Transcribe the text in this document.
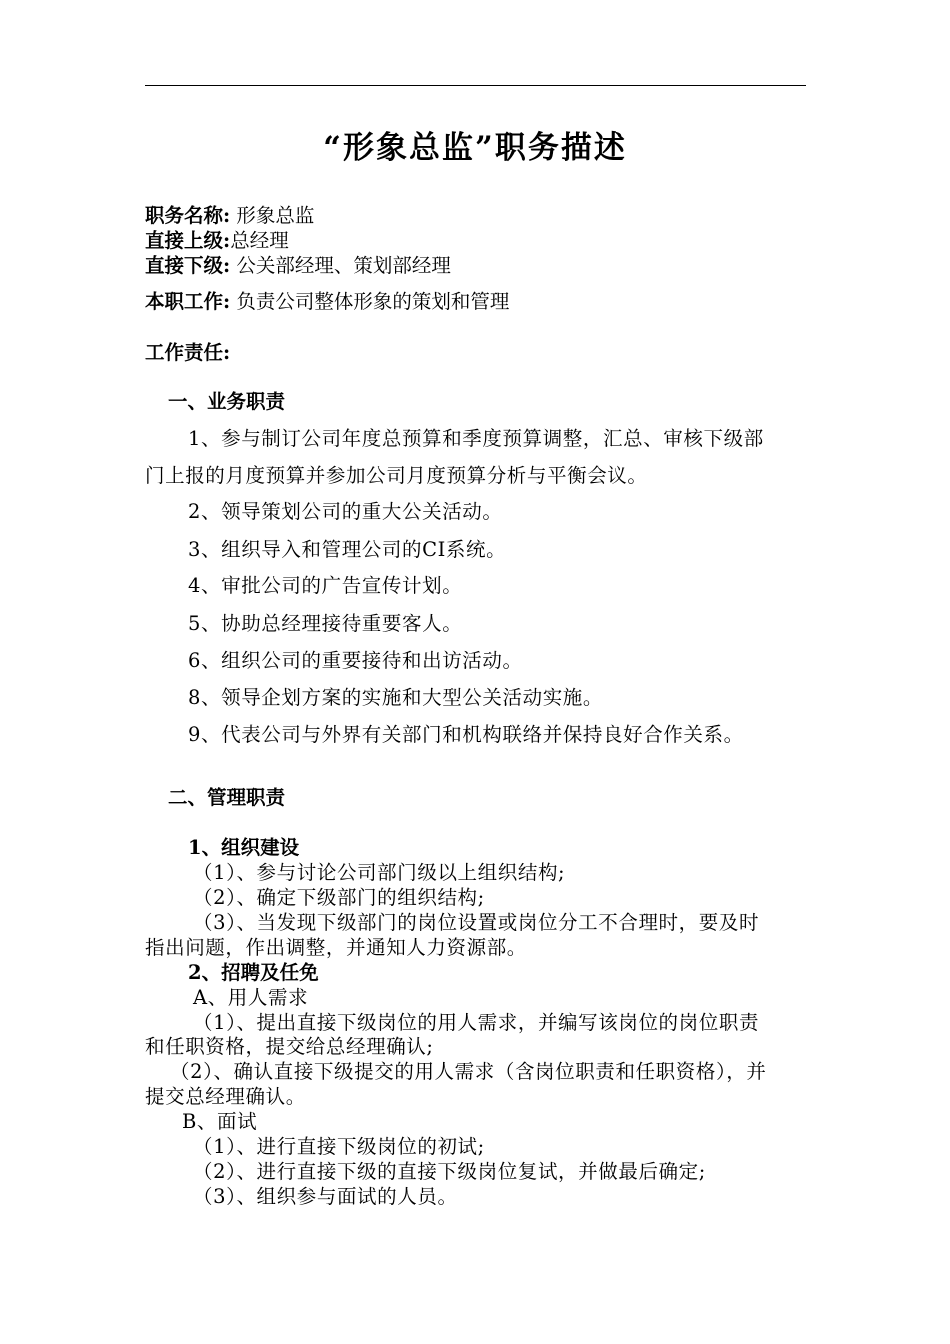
“形象总监”职务描述
职务名称: 形象总监
直接上级:总经理
直接下级: 公关部经理、策划部经理
本职工作: 负责公司整体形象的策划和管理
工作责任:
一、业务职责
1、参与制订公司年度总预算和季度预算调整，汇总、审核下级部
门上报的月度预算并参加公司月度预算分析与平衡会议。
2、领导策划公司的重大公关活动。
3、组织导入和管理公司的CI系统。
4、审批公司的广告宣传计划。
5、协助总经理接待重要客人。
6、组织公司的重要接待和出访活动。
8、领导企划方案的实施和大型公关活动实施。
9、代表公司与外界有关部门和机构联络并保持良好合作关系。
二、管理职责
1、组织建设
（1）、参与讨论公司部门级以上组织结构;
（2）、确定下级部门的组织结构;
（3）、当发现下级部门的岗位设置或岗位分工不合理时，要及时
指出问题，作出调整，并通知人力资源部。
2、招聘及任免
A、用人需求
（1）、提出直接下级岗位的用人需求，并编写该岗位的岗位职责
和任职资格，提交给总经理确认;
（2）、确认直接下级提交的用人需求（含岗位职责和任职资格），并
提交总经理确认。
B、面试
（1）、进行直接下级岗位的初试;
（2）、进行直接下级的直接下级岗位复试，并做最后确定;
（3）、组织参与面试的人员。
